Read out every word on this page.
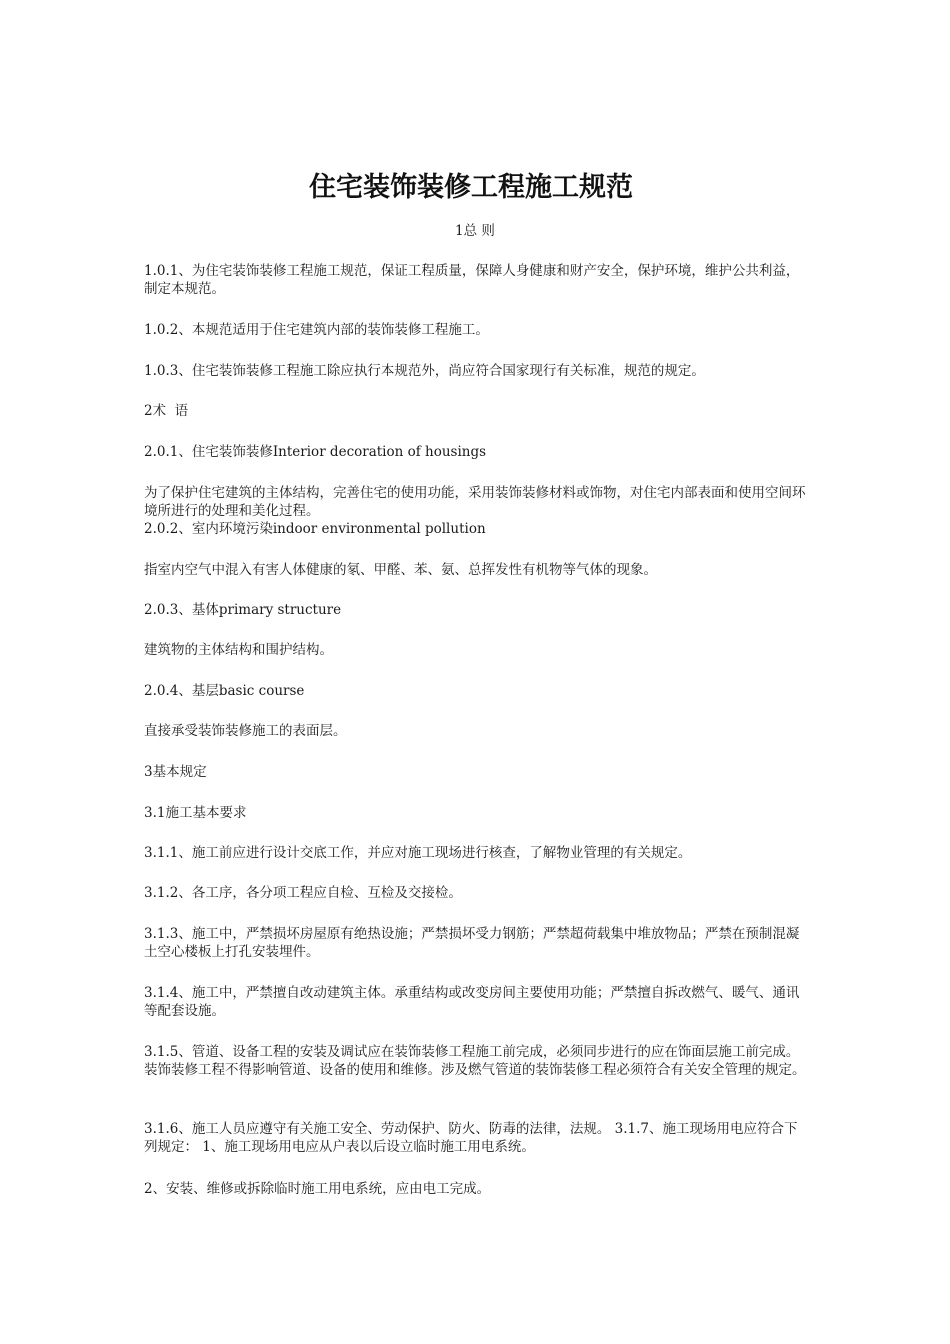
住宅装饰装修工程施工规范
1总 则

1.0.1、为住宅装饰装修工程施工规范，保证工程质量，保障人身健康和财产安全，保护环境，维护公共利益，制定本规范。

1.0.2、本规范适用于住宅建筑内部的装饰装修工程施工。

1.0.3、住宅装饰装修工程施工除应执行本规范外，尚应符合国家现行有关标准，规范的规定。

2术  语

2.0.1、住宅装饰装修Interior decoration of housings

为了保护住宅建筑的主体结构，完善住宅的使用功能，采用装饰装修材料或饰物，对住宅内部表面和使用空间环境所进行的处理和美化过程。

2.0.2、室内环境污染indoor environmental pollution

指室内空气中混入有害人体健康的氡、甲醛、苯、氨、总挥发性有机物等气体的现象。

2.0.3、基体primary structure

建筑物的主体结构和围护结构。

2.0.4、基层basic course

直接承受装饰装修施工的表面层。

3基本规定

3.1施工基本要求

3.1.1、施工前应进行设计交底工作，并应对施工现场进行核查，了解物业管理的有关规定。

3.1.2、各工序，各分项工程应自检、互检及交接检。

3.1.3、施工中，严禁损坏房屋原有绝热设施；严禁损坏受力钢筋；严禁超荷载集中堆放物品；严禁在预制混凝土空心楼板上打孔安装埋件。

3.1.4、施工中，严禁擅自改动建筑主体。承重结构或改变房间主要使用功能；严禁擅自拆改燃气、暖气、通讯等配套设施。

3.1.5、管道、设备工程的安装及调试应在装饰装修工程施工前完成，必须同步进行的应在饰面层施工前完成。装饰装修工程不得影响管道、设备的使用和维修。涉及燃气管道的装饰装修工程必须符合有关安全管理的规定。

3.1.6、施工人员应遵守有关施工安全、劳动保护、防火、防毒的法律，法规。 3.1.7、施工现场用电应符合下列规定： 1、施工现场用电应从户表以后设立临时施工用电系统。

2、安装、维修或拆除临时施工用电系统，应由电工完成。
